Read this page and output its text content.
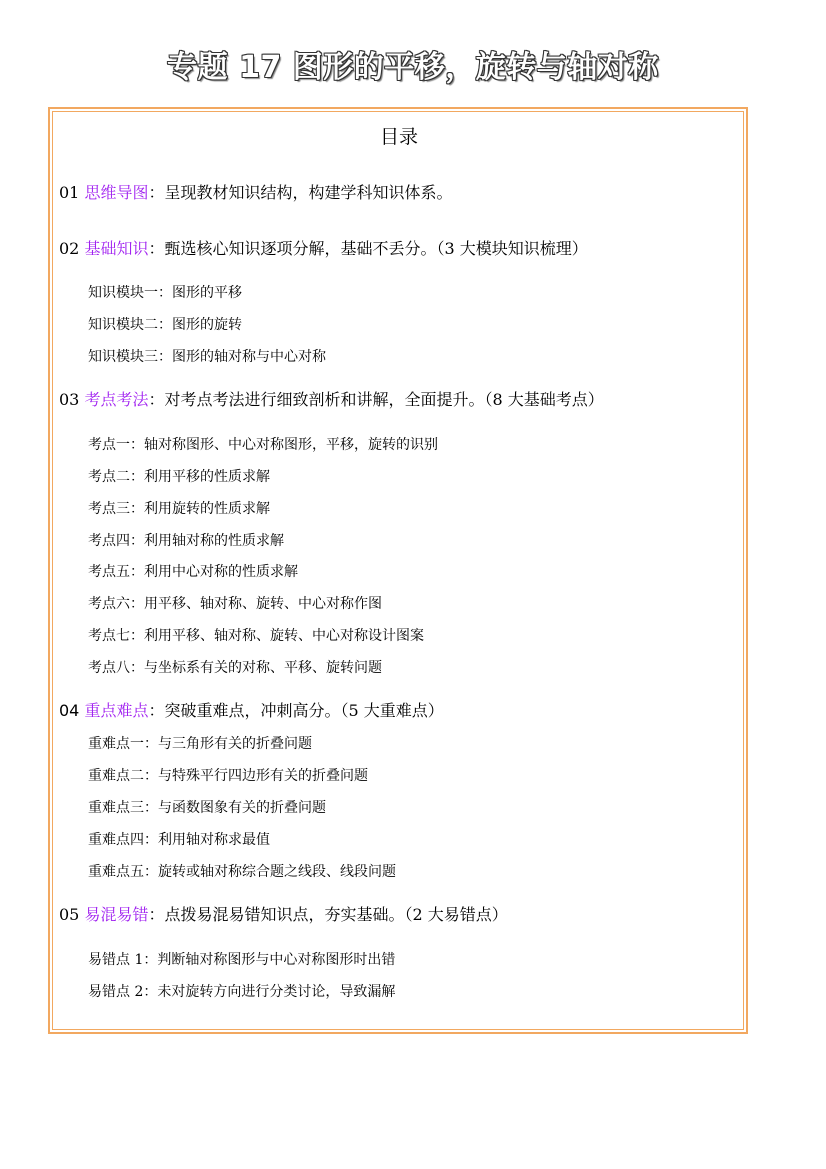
专题 17 图形的平移，旋转与轴对称
目录
01 思维导图：呈现教材知识结构，构建学科知识体系。
02 基础知识：甄选核心知识逐项分解，基础不丢分。（3 大模块知识梳理）
知识模块一：图形的平移
知识模块二：图形的旋转
知识模块三：图形的轴对称与中心对称
03 考点考法：对考点考法进行细致剖析和讲解，全面提升。（8 大基础考点）
考点一：轴对称图形、中心对称图形，平移，旋转的识别
考点二：利用平移的性质求解
考点三：利用旋转的性质求解
考点四：利用轴对称的性质求解
考点五：利用中心对称的性质求解
考点六：用平移、轴对称、旋转、中心对称作图
考点七：利用平移、轴对称、旋转、中心对称设计图案
考点八：与坐标系有关的对称、平移、旋转问题
04 重点难点：突破重难点，冲刺高分。（5 大重难点）
重难点一：与三角形有关的折叠问题
重难点二：与特殊平行四边形有关的折叠问题
重难点三：与函数图象有关的折叠问题
重难点四：利用轴对称求最值
重难点五：旋转或轴对称综合题之线段、线段问题
05 易混易错：点拨易混易错知识点，夯实基础。（2 大易错点）
易错点 1：判断轴对称图形与中心对称图形时出错
易错点 2：未对旋转方向进行分类讨论，导致漏解
